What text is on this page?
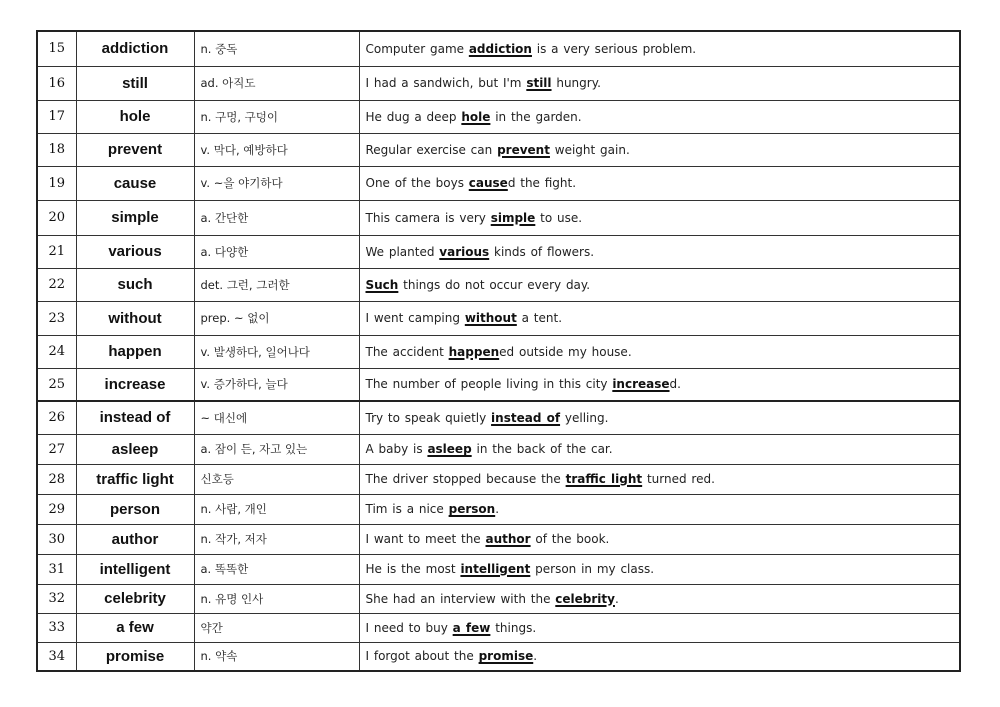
15	addiction	n. 중독	Computer game addiction is a very serious problem.
16	still	ad. 아직도	I had a sandwich, but I'm still hungry.
17	hole	n. 구멍, 구덩이	He dug a deep hole in the garden.
18	prevent	v. 막다, 예방하다	Regular exercise can prevent weight gain.
19	cause	v. ~을 야기하다	One of the boys caused the fight.
20	simple	a. 간단한	This camera is very simple to use.
21	various	a. 다양한	We planted various kinds of flowers.
22	such	det. 그런, 그러한	Such things do not occur every day.
23	without	prep. ~ 없이	I went camping without a tent.
24	happen	v. 발생하다, 일어나다	The accident happened outside my house.
25	increase	v. 증가하다, 늘다	The number of people living in this city increased.
26	instead of	~ 대신에	Try to speak quietly instead of yelling.
27	asleep	a. 잠이 든, 자고 있는	A baby is asleep in the back of the car.
28	traffic light	신호등	The driver stopped because the traffic light turned red.
29	person	n. 사람, 개인	Tim is a nice person.
30	author	n. 작가, 저자	I want to meet the author of the book.
31	intelligent	a. 똑똑한	He is the most intelligent person in my class.
32	celebrity	n. 유명 인사	She had an interview with the celebrity.
33	a few	약간	I need to buy a few things.
34	promise	n. 약속	I forgot about the promise.
